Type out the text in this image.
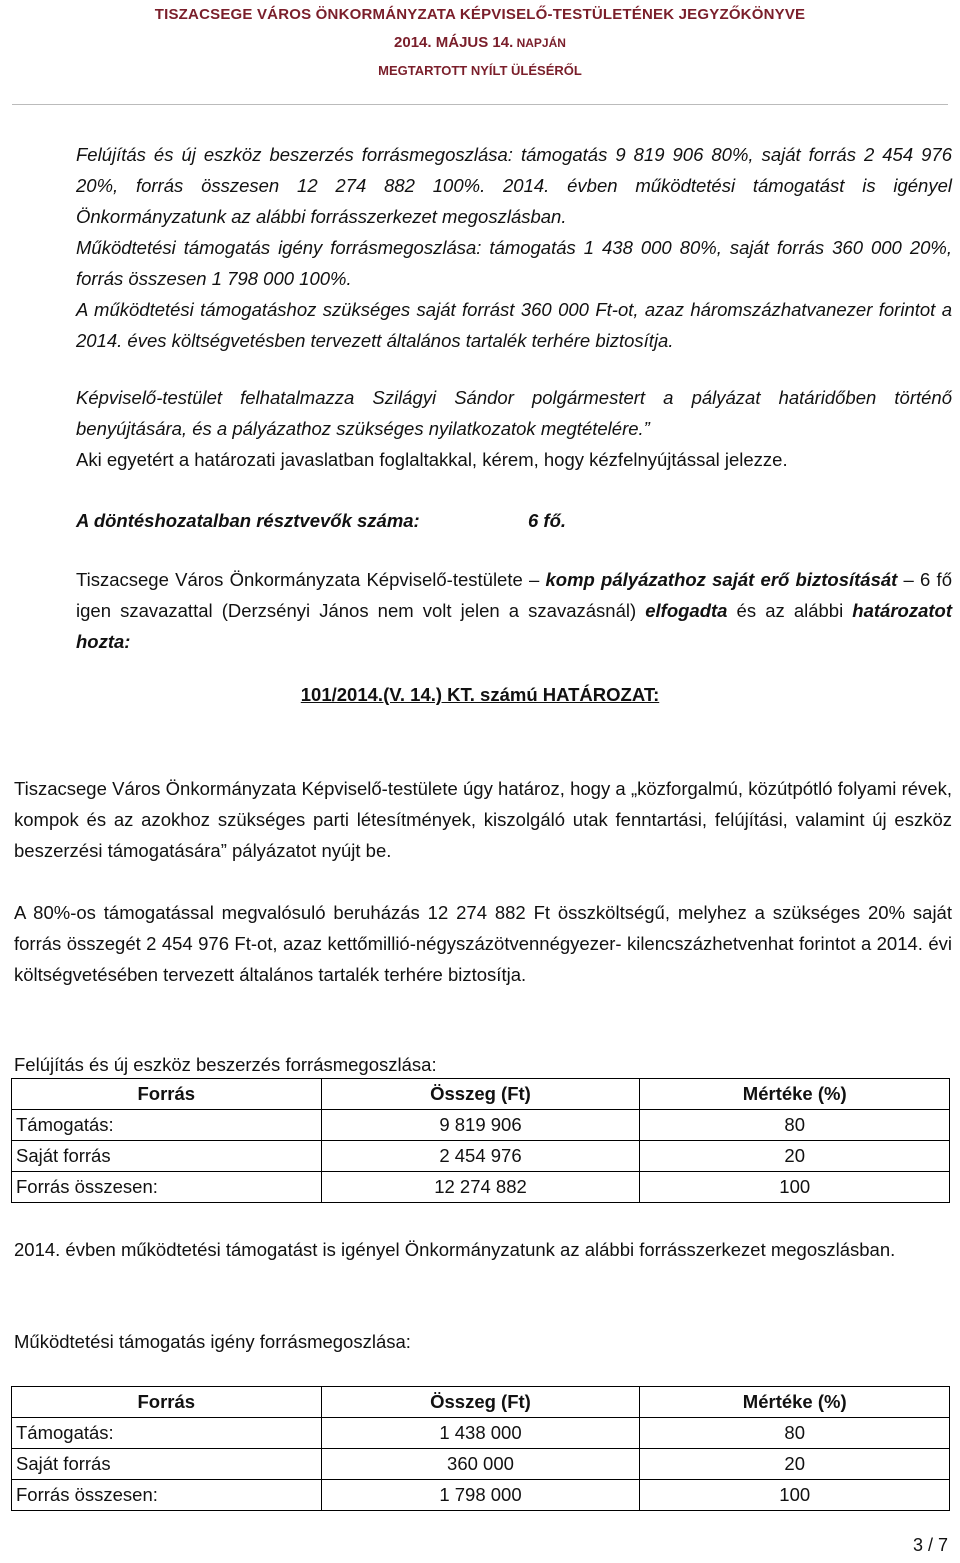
TISZACSEGE VÁROS ÖNKORMÁNYZATA KÉPVISELŐ-TESTÜLETÉNEK JEGYZŐKÖNYVE
2014. MÁJUS 14. NAPJÁN
MEGTARTOTT NYÍLT ÜLÉSÉRŐL
Felújítás és új eszköz beszerzés forrásmegoszlása: támogatás 9 819 906 80%, saját forrás 2 454 976 20%, forrás összesen 12 274 882 100%. 2014. évben működtetési támogatást is igényel Önkormányzatunk az alábbi forrásszerkezet megoszlásban.
Működtetési támogatás igény forrásmegoszlása: támogatás 1 438 000 80%, saját forrás 360 000 20%, forrás összesen 1 798 000 100%.
A működtetési támogatáshoz szükséges saját forrást 360 000 Ft-ot, azaz háromszázhatvanezer forintot a 2014. éves költségvetésben tervezett általános tartalék terhére biztosítja.
Képviselő-testület felhatalmazza Szilágyi Sándor polgármestert a pályázat határidőben történő benyújtására, és a pályázathoz szükséges nyilatkozatok megtételére.”
Aki egyetért a határozati javaslatban foglaltakkal, kérem, hogy kézfelnyújtással jelezze.
A döntéshozatalban résztvevők száma:	6 fő.
Tiszacsege Város Önkormányzata Képviselő-testülete – komp pályázathoz saját erő biztosítását – 6 fő igen szavazattal (Derzsényi János nem volt jelen a szavazásnál) elfogadta és az alábbi határozatot hozta:
101/2014.(V. 14.) KT. számú HATÁROZAT:
Tiszacsege Város Önkormányzata Képviselő-testülete úgy határoz, hogy a „közforgalmú, közútpótló folyami révek, kompok és az azokhoz szükséges parti létesítmények, kiszolgáló utak fenntartási, felújítási, valamint új eszköz beszerzési támogatására” pályázatot nyújt be.
A 80%-os támogatással megvalósuló beruházás 12 274 882 Ft összköltségű, melyhez a szükséges 20% saját forrás összegét 2 454 976 Ft-ot, azaz kettőmillió-négyszázötvennégyezer- kilencszázhetvenhat forintot a 2014. évi költségvetésében tervezett általános tartalék terhére biztosítja.
Felújítás és új eszköz beszerzés forrásmegoszlása:
Forrás	Összeg (Ft)	Mértéke (%)
Támogatás:	9 819 906	80
Saját forrás	2 454 976	20
Forrás összesen:	12 274 882	100
2014. évben működtetési támogatást is igényel Önkormányzatunk az alábbi forrásszerkezet megoszlásban.
Működtetési támogatás igény forrásmegoszlása:
Forrás	Összeg (Ft)	Mértéke (%)
Támogatás:	1 438 000	80
Saját forrás	360 000	20
Forrás összesen:	1 798 000	100
3 / 7
